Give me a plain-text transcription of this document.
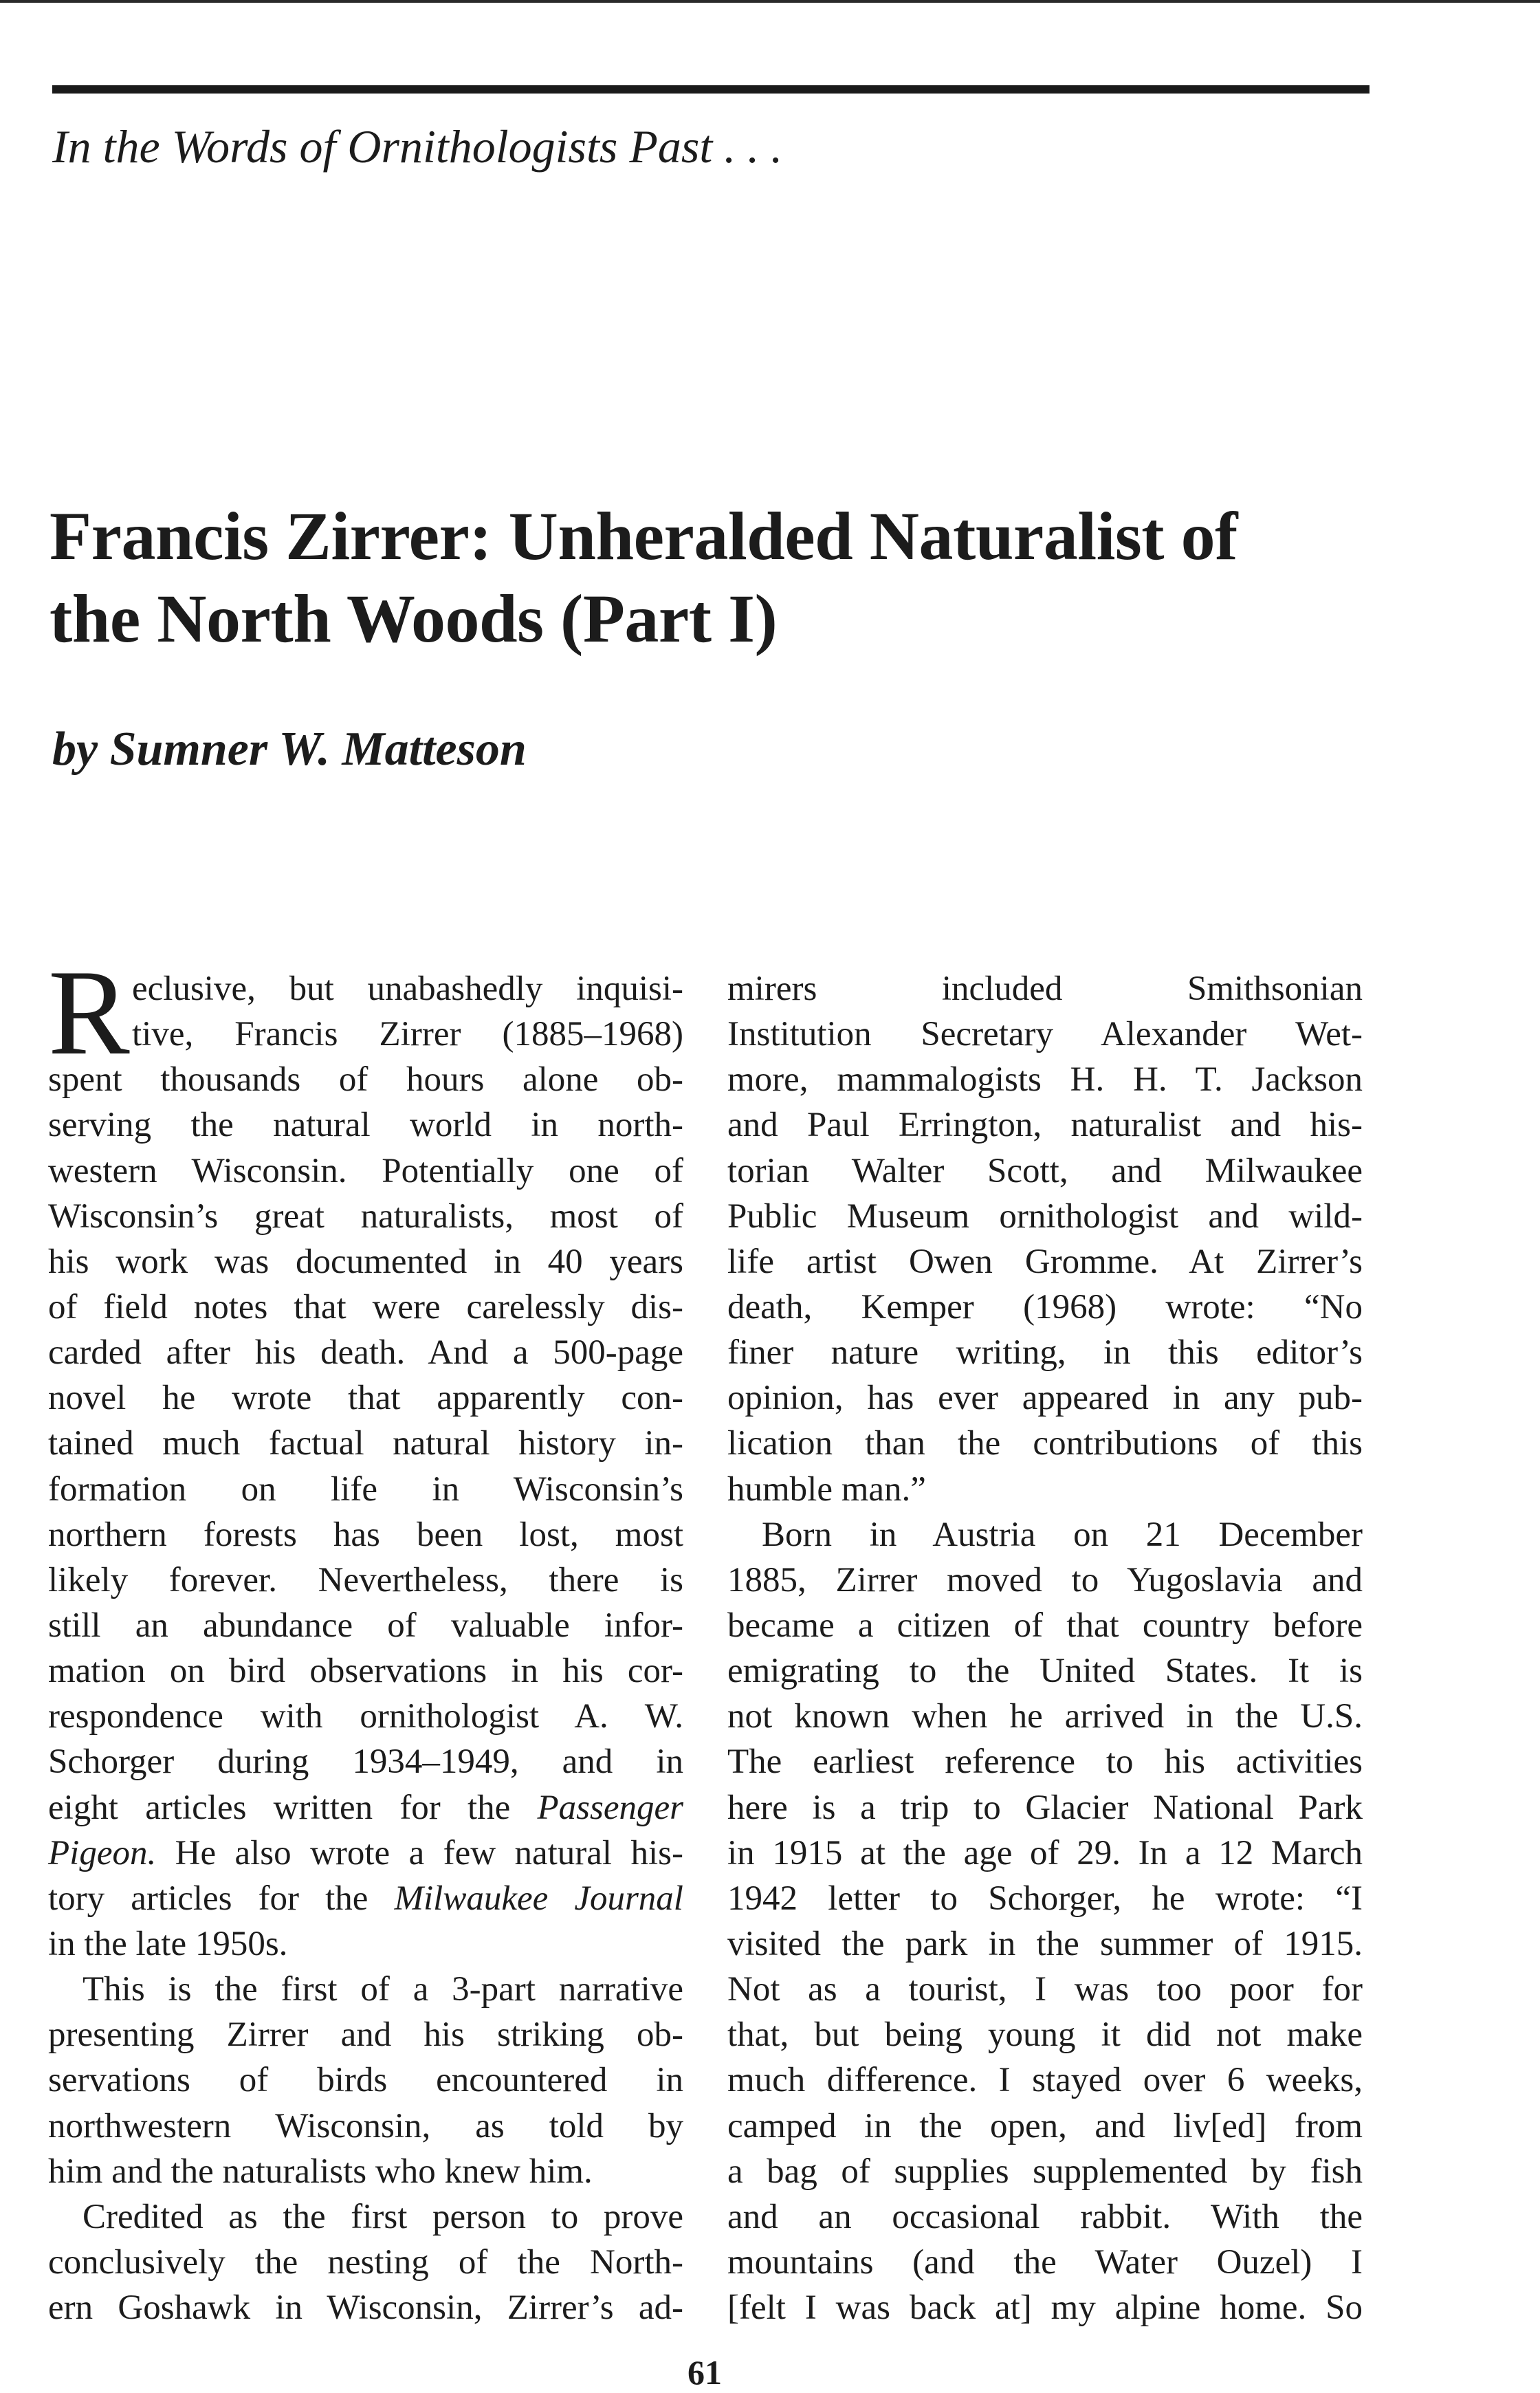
In the Words of Ornithologists Past . . .
Francis Zirrer: Unheralded Naturalist of
the North Woods (Part I)
by Sumner W. Matteson
R eclusive, but unabashedly inquisi-
tive, Francis Zirrer (1885–1968)
spent thousands of hours alone ob-
serving the natural world in north-
western Wisconsin. Potentially one of
Wisconsin’s great naturalists, most of
his work was documented in 40 years
of field notes that were carelessly dis-
carded after his death. And a 500-page
novel he wrote that apparently con-
tained much factual natural history in-
formation on life in Wisconsin’s
northern forests has been lost, most
likely forever. Nevertheless, there is
still an abundance of valuable infor-
mation on bird observations in his cor-
respondence with ornithologist A. W.
Schorger during 1934–1949, and in
eight articles written for the Passenger
Pigeon. He also wrote a few natural his-
tory articles for the Milwaukee Journal
in the late 1950s.
This is the first of a 3-part narrative
presenting Zirrer and his striking ob-
servations of birds encountered in
northwestern Wisconsin, as told by
him and the naturalists who knew him.
Credited as the first person to prove
conclusively the nesting of the North-
ern Goshawk in Wisconsin, Zirrer’s ad-
mirers included Smithsonian
Institution Secretary Alexander Wet-
more, mammalogists H. H. T. Jackson
and Paul Errington, naturalist and his-
torian Walter Scott, and Milwaukee
Public Museum ornithologist and wild-
life artist Owen Gromme. At Zirrer’s
death, Kemper (1968) wrote: “No
finer nature writing, in this editor’s
opinion, has ever appeared in any pub-
lication than the contributions of this
humble man.”
Born in Austria on 21 December
1885, Zirrer moved to Yugoslavia and
became a citizen of that country before
emigrating to the United States. It is
not known when he arrived in the U.S.
The earliest reference to his activities
here is a trip to Glacier National Park
in 1915 at the age of 29. In a 12 March
1942 letter to Schorger, he wrote: “I
visited the park in the summer of 1915.
Not as a tourist, I was too poor for
that, but being young it did not make
much difference. I stayed over 6 weeks,
camped in the open, and liv[ed] from
a bag of supplies supplemented by fish
and an occasional rabbit. With the
mountains (and the Water Ouzel) I
[felt I was back at] my alpine home. So
61
